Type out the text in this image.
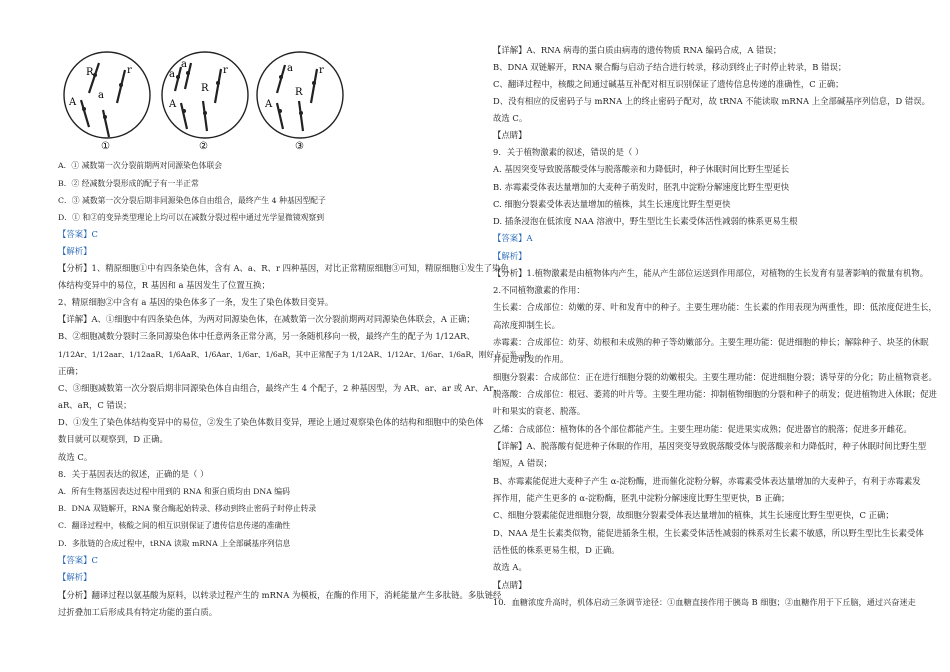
R	r
A
a
①
a
a
R
r
A
②
a
R
r
A
③
A．① 减数第一次分裂前期两对同源染色体联会
B．② 经减数分裂形成的配子有一半正常
C．③ 减数第一次分裂后期非同源染色体自由组合，最终产生 4 种基因型配子
D．① 和②的变异类型理论上均可以在减数分裂过程中通过光学显微镜观察到
【答案】C
【解析】
【分析】1、精原细胞①中有四条染色体，含有 A、a、R、r 四种基因，对比正常精原细胞③可知，精原细胞①发生了染色
体结构变异中的易位，R 基因和 a 基因发生了位置互换；
2、精原细胞②中含有 a 基因的染色体多了一条，发生了染色体数目变异。
【详解】A、①细胞中有四条染色体，为两对同源染色体，在减数第一次分裂前期两对同源染色体联会，A 正确；
B、②细胞减数分裂时三条同源染色体中任意两条正常分离，另一条随机移向一极，最终产生的配子为 1/12AR、
1/12Ar、1/12aar、1/12aaR、1/6AaR、1/6Aar、1/6ar、1/6aR，其中正常配子为 1/12AR、1/12Ar、1/6ar、1/6aR，刚好占一半，B
正确；
C、③细胞减数第一次分裂后期非同源染色体自由组合，最终产生 4 个配子，2 种基因型，为 AR、ar、ar 或 Ar、Ar、
aR、aR，C 错误；
D、①发生了染色体结构变异中的易位，②发生了染色体数目变异，理论上通过观察染色体的结构和细胞中的染色体
数目就可以观察到，D 正确。
故选 C。
8．关于基因表达的叙述，正确的是（ ）
A．所有生物基因表达过程中用到的 RNA 和蛋白质均由 DNA 编码
B．DNA 双链解开，RNA 聚合酶起始转录、移动到终止密码子时停止转录
C．翻译过程中，核酸之间的相互识别保证了遗传信息传递的准确性
D．多肽链的合成过程中，tRNA 读取 mRNA 上全部碱基序列信息
【答案】C
【解析】
【分析】翻译过程以氨基酸为原料，以转录过程产生的 mRNA 为模板，在酶的作用下，消耗能量产生多肽链。多肽链经
过折叠加工后形成具有特定功能的蛋白质。
【详解】A、RNA 病毒的蛋白质由病毒的遗传物质 RNA 编码合成，A 错误；
B、DNA 双链解开，RNA 聚合酶与启动子结合进行转录，移动到终止子时停止转录，B 错误；
C、翻译过程中，核酸之间通过碱基互补配对相互识别保证了遗传信息传递的准确性，C 正确；
D、没有相应的反密码子与 mRNA 上的终止密码子配对，故 tRNA 不能读取 mRNA 上全部碱基序列信息，D 错误。
故选 C。
【点睛】
9．关于植物激素的叙述，错误的是（ ）
A. 基因突变导致脱落酸受体与脱落酸亲和力降低时，种子休眠时间比野生型延长
B. 赤霉素受体表达量增加的大麦种子萌发时，胚乳中淀粉分解速度比野生型更快
C. 细胞分裂素受体表达量增加的植株，其生长速度比野生型更快
D. 插条浸泡在低浓度 NAA 溶液中，野生型比生长素受体活性减弱的株系更易生根
【答案】A
【解析】
【分析】1.植物激素是由植物体内产生，能从产生部位运送到作用部位，对植物的生长发育有显著影响的微量有机物。
2.不同植物激素的作用：
生长素：合成部位：幼嫩的芽、叶和发育中的种子。主要生理功能：生长素的作用表现为两重性，即：低浓度促进生长，
高浓度抑制生长。
赤霉素：合成部位：幼芽、幼根和未成熟的种子等幼嫩部分。主要生理功能：促进细胞的伸长；解除种子、块茎的休眠
并促进萌发的作用。
细胞分裂素：合成部位：正在进行细胞分裂的幼嫩根尖。主要生理功能：促进细胞分裂；诱导芽的分化；防止植物衰老。
脱落酸：合成部位：根冠、萎蔫的叶片等。主要生理功能：抑制植物细胞的分裂和种子的萌发；促进植物进入休眠；促进
叶和果实的衰老、脱落。
乙烯：合成部位：植物体的各个部位都能产生。主要生理功能：促进果实成熟；促进器官的脱落；促进多开雌花。
【详解】A、脱落酸有促进种子休眠的作用，基因突变导致脱落酸受体与脱落酸亲和力降低时，种子休眠时间比野生型
缩短，A 错误；
B、赤霉素能促进大麦种子产生 α-淀粉酶，进而催化淀粉分解，赤霉素受体表达量增加的大麦种子，有利于赤霉素发
挥作用，能产生更多的 α-淀粉酶，胚乳中淀粉分解速度比野生型更快，B 正确；
C、细胞分裂素能促进细胞分裂，故细胞分裂素受体表达量增加的植株，其生长速度比野生型更快，C 正确；
D、NAA 是生长素类似物，能促进插条生根，生长素受体活性减弱的株系对生长素不敏感，所以野生型比生长素受体
活性低的株系更易生根，D 正确。
故选 A。
【点睛】
10．血糖浓度升高时，机体启动三条调节途径：①血糖直接作用于胰岛 B 细胞；②血糖作用于下丘脑，通过兴奋迷走
